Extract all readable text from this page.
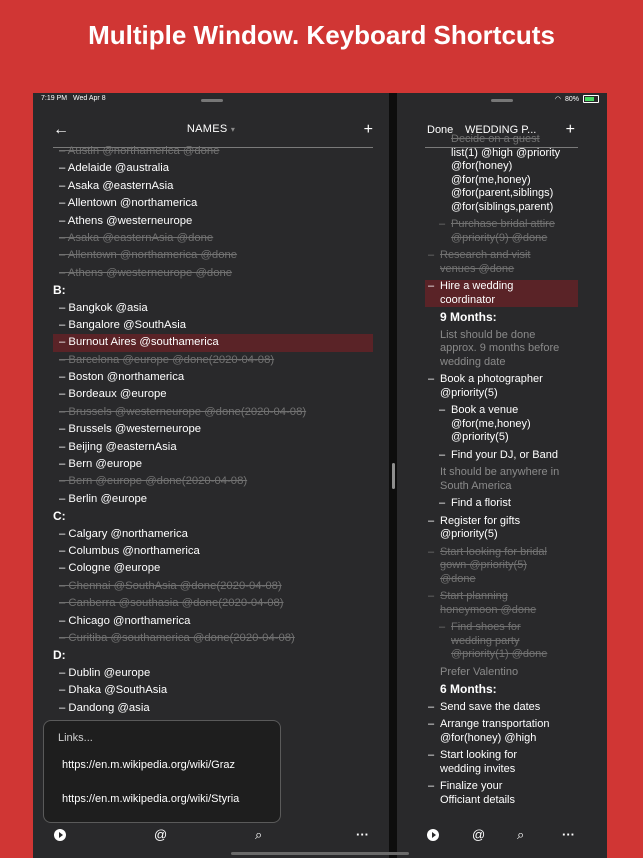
Multiple Window. Keyboard Shortcuts
7:19 PM Wed Apr 8
←	NAMES ▾	+
– Austin @northamerica @done
– Adelaide @australia
– Asaka @easternAsia
– Allentown @northamerica
– Athens @westerneurope
– Asaka @easternAsia @done
– Allentown @northamerica @done
– Athens @westerneurope @done
B:
– Bangkok @asia
– Bangalore @SouthAsia
– Burnout Aires @southamerica
– Barcelona @europe @done(2020-04-08)
– Boston @northamerica
– Bordeaux @europe
– Brussels @westerneurope @done(2020-04-08)
– Brussels @westerneurope
– Beijing @easternAsia
– Bern @europe
– Bern @europe @done(2020-04-08)
– Berlin @europe
C:
– Calgary @northamerica
– Columbus @northamerica
– Cologne @europe
– Chennai @SouthAsia @done(2020-04-08)
– Canberra @southasia @done(2020-04-08)
– Chicago @northamerica
– Curitiba @southamerica @done(2020-04-08)
D:
– Dublin @europe
– Dhaka @SouthAsia
– Dandong @asia
Links...
https://en.m.wikipedia.org/wiki/Graz
https://en.m.wikipedia.org/wiki/Styria
@	⌕	···
◠ 80%
Done WEDDING P... +
Decide on a guest
list(1) @high @priority
@for(honey)
@for(me,honey)
@for(parent,siblings)
@for(siblings,parent)
– Purchase bridal attire
@priority(9) @done
– Research and visit
venues @done
– Hire a wedding
coordinator
9 Months:
List should be done
approx. 9 months before
wedding date
– Book a photographer
@priority(5)
– Book a venue
@for(me,honey)
@priority(5)
– Find your DJ, or Band
It should be anywhere in
South America
– Find a florist
– Register for gifts
@priority(5)
– Start looking for bridal
gown @priority(5)
@done
– Start planning
honeymoon @done
– Find shoes for
wedding party
@priority(1) @done
Prefer Valentino
6 Months:
– Send save the dates
– Arrange transportation
@for(honey) @high
– Start looking for
wedding invites
– Finalize your
Officiant details
@ ⌕	···
